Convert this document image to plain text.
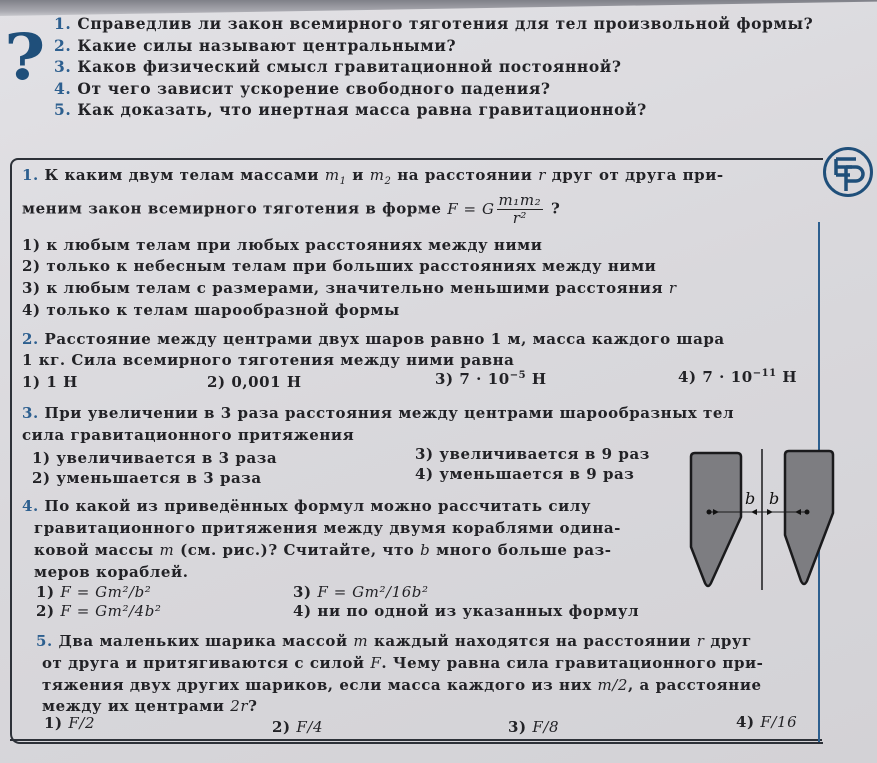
? 1. Справедлив ли закон всемирного тяготения для тел произвольной формы?
2. Какие силы называют центральными?
3. Каков физический смысл гравитационной постоянной?
4. От чего зависит ускорение свободного падения?
5. Как доказать, что инертная масса равна гравитационной?
1. К каким двум телам массами $m_1$ и $m_2$ на расстоянии r друг от друга при-
меним закон всемирного тяготения в форме F = G $\frac{\text{m₁m₂}}{\text{r²}}$ ?
1) к любым телам при любых расстояниях между ними
2) только к небесным телам при больших расстояниях между ними
3) к любым телам с размерами, значительно меньшими расстояния r
4) только к телам шарообразной формы
2. Расстояние между центрами двух шаров равно 1 м, масса каждого шара
1 кг. Сила всемирного тяготения между ними равна
1) 1 Н	2) 0,001 Н	3) $7 \cdot 10^{-5}$ Н	4) $7 \cdot 10^{-11}$ Н
3. При увеличении в 3 раза расстояния между центрами шарообразных тел
сила гравитационного притяжения
1) увеличивается в 3 раза
2) уменьшается в 3 раза
3) увеличивается в 9 раз
4) уменьшается в 9 раз
4. По какой из приведённых формул можно рассчитать силу
гравитационного притяжения между двумя кораблями одина-
ковой массы m (см. рис.)? Считайте, что b много больше раз-
меров кораблей.
1) F = Gm²/b²
2) F = Gm²/4b²
3) F = Gm²/16b²
4) ни по одной из указанных формул
b b
5. Два маленьких шарика массой m каждый находятся на расстоянии r друг
от друга и притягиваются с силой F. Чему равна сила гравитационного при-
тяжения двух других шариков, если масса каждого из них m/2, а расстояние
между их центрами 2r?
1) F/2	2) F/4	3) F/8	4) F/16
